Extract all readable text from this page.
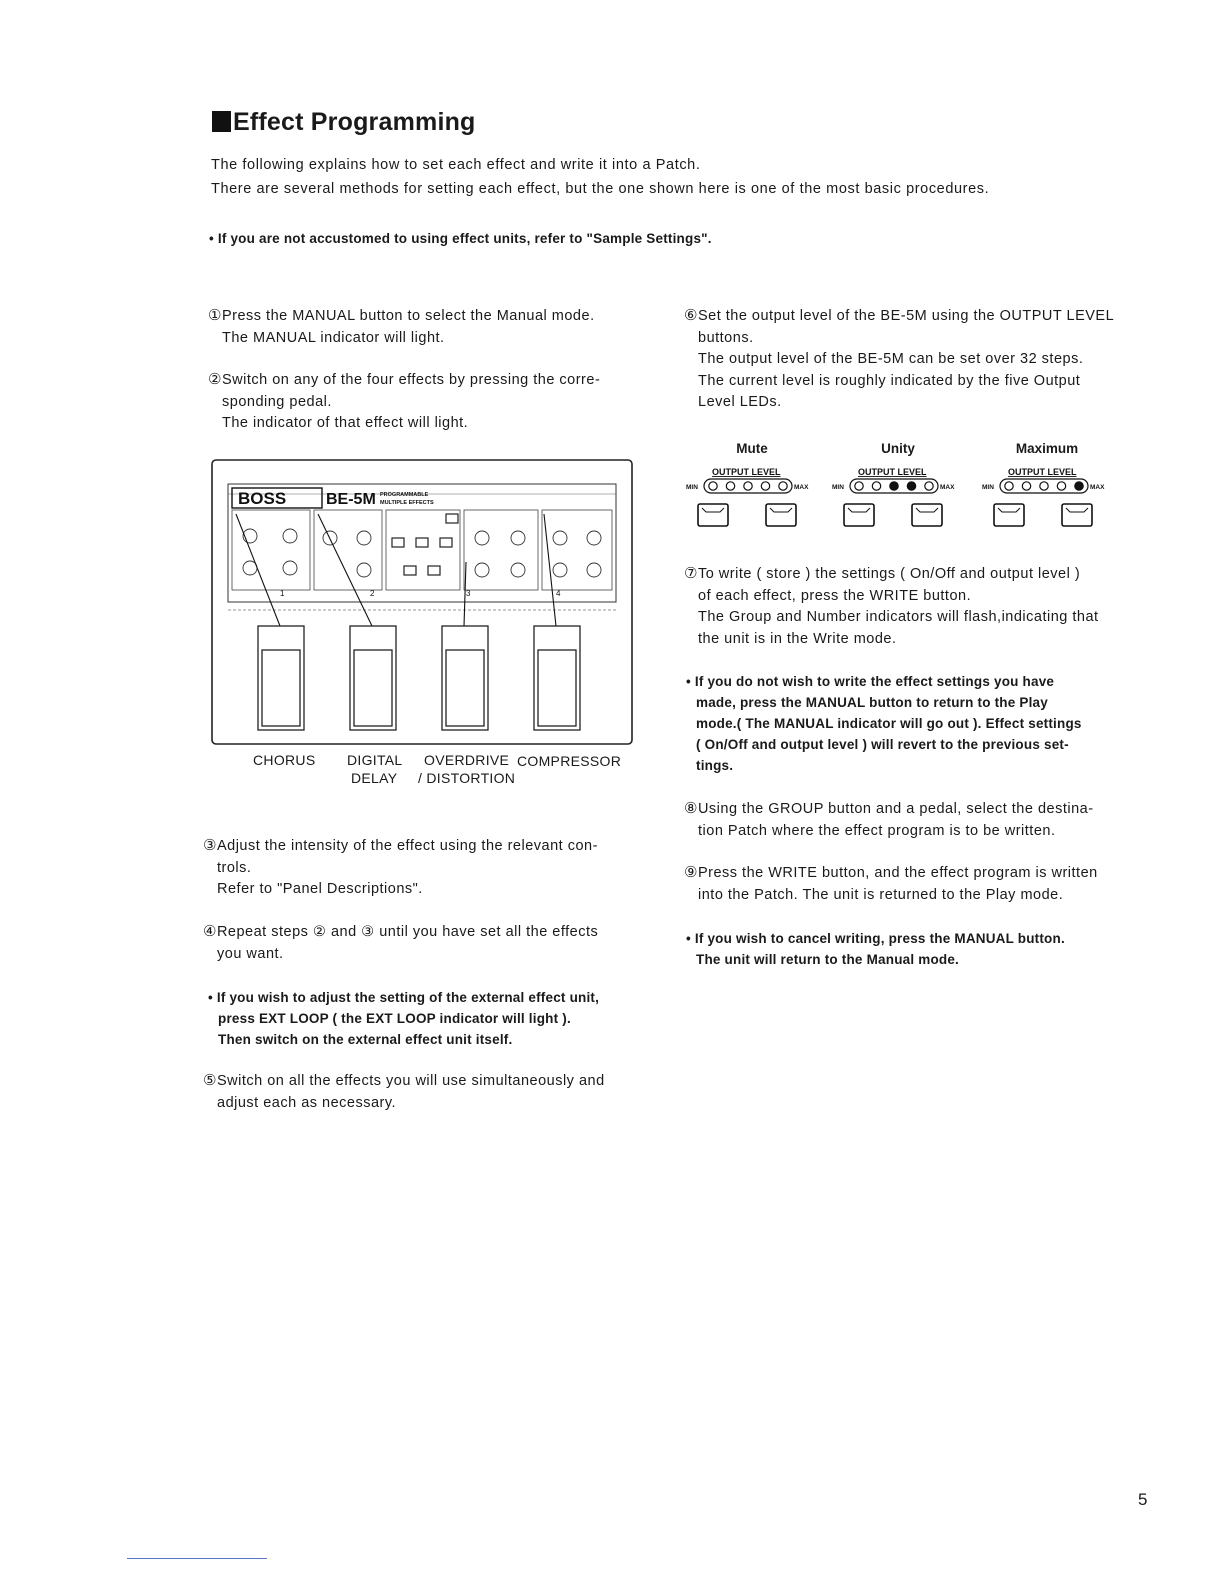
Effect Programming
The following explains how to set each effect and write it into a Patch.
There are several methods for setting each effect, but the one shown here is one of the most basic procedures.
• If you are not accustomed to using effect units, refer to "Sample Settings".
①Press the MANUAL button to select the Manual mode.
The MANUAL indicator will light.
②Switch on any of the four effects by pressing the corre-
sponding pedal.
The indicator of that effect will light.
BOSS BE-5M PROGRAMMABLE
MULTIPLE EFFECTS
1	2	3	4
CHORUS DIGITAL
DELAY
OVERDRIVE
/ DISTORTION
COMPRESSOR
③Adjust the intensity of the effect using the relevant con-
trols.
Refer to "Panel Descriptions".
④Repeat steps ② and ③ until you have set all the effects
you want.
• If you wish to adjust the setting of the external effect unit,
press EXT LOOP ( the EXT LOOP indicator will light ).
Then switch on the external effect unit itself.
⑤Switch on all the effects you will use simultaneously and
adjust each as necessary.
⑥Set the output level of the BE-5M using the OUTPUT LEVEL
buttons.
The output level of the BE-5M can be set over 32 steps.
The current level is roughly indicated by the five Output
Level LEDs.
Mute	Unity	Maximum
OUTPUT LEVEL
MIN	MAX
OUTPUT LEVEL
MIN	MAX
OUTPUT LEVEL
MIN	MAX
⑦To write ( store ) the settings ( On/Off and output level )
of each effect, press the WRITE button.
The Group and Number indicators will flash,indicating that
the unit is in the Write mode.
• If you do not wish to write the effect settings you have
made, press the MANUAL button to return to the Play
mode.( The MANUAL indicator will go out ). Effect settings
( On/Off and output level ) will revert to the previous set-
tings.
⑧Using the GROUP button and a pedal, select the destina-
tion Patch where the effect program is to be written.
⑨Press the WRITE button, and the effect program is written
into the Patch. The unit is returned to the Play mode.
• If you wish to cancel writing, press the MANUAL button.
The unit will return to the Manual mode.
5
